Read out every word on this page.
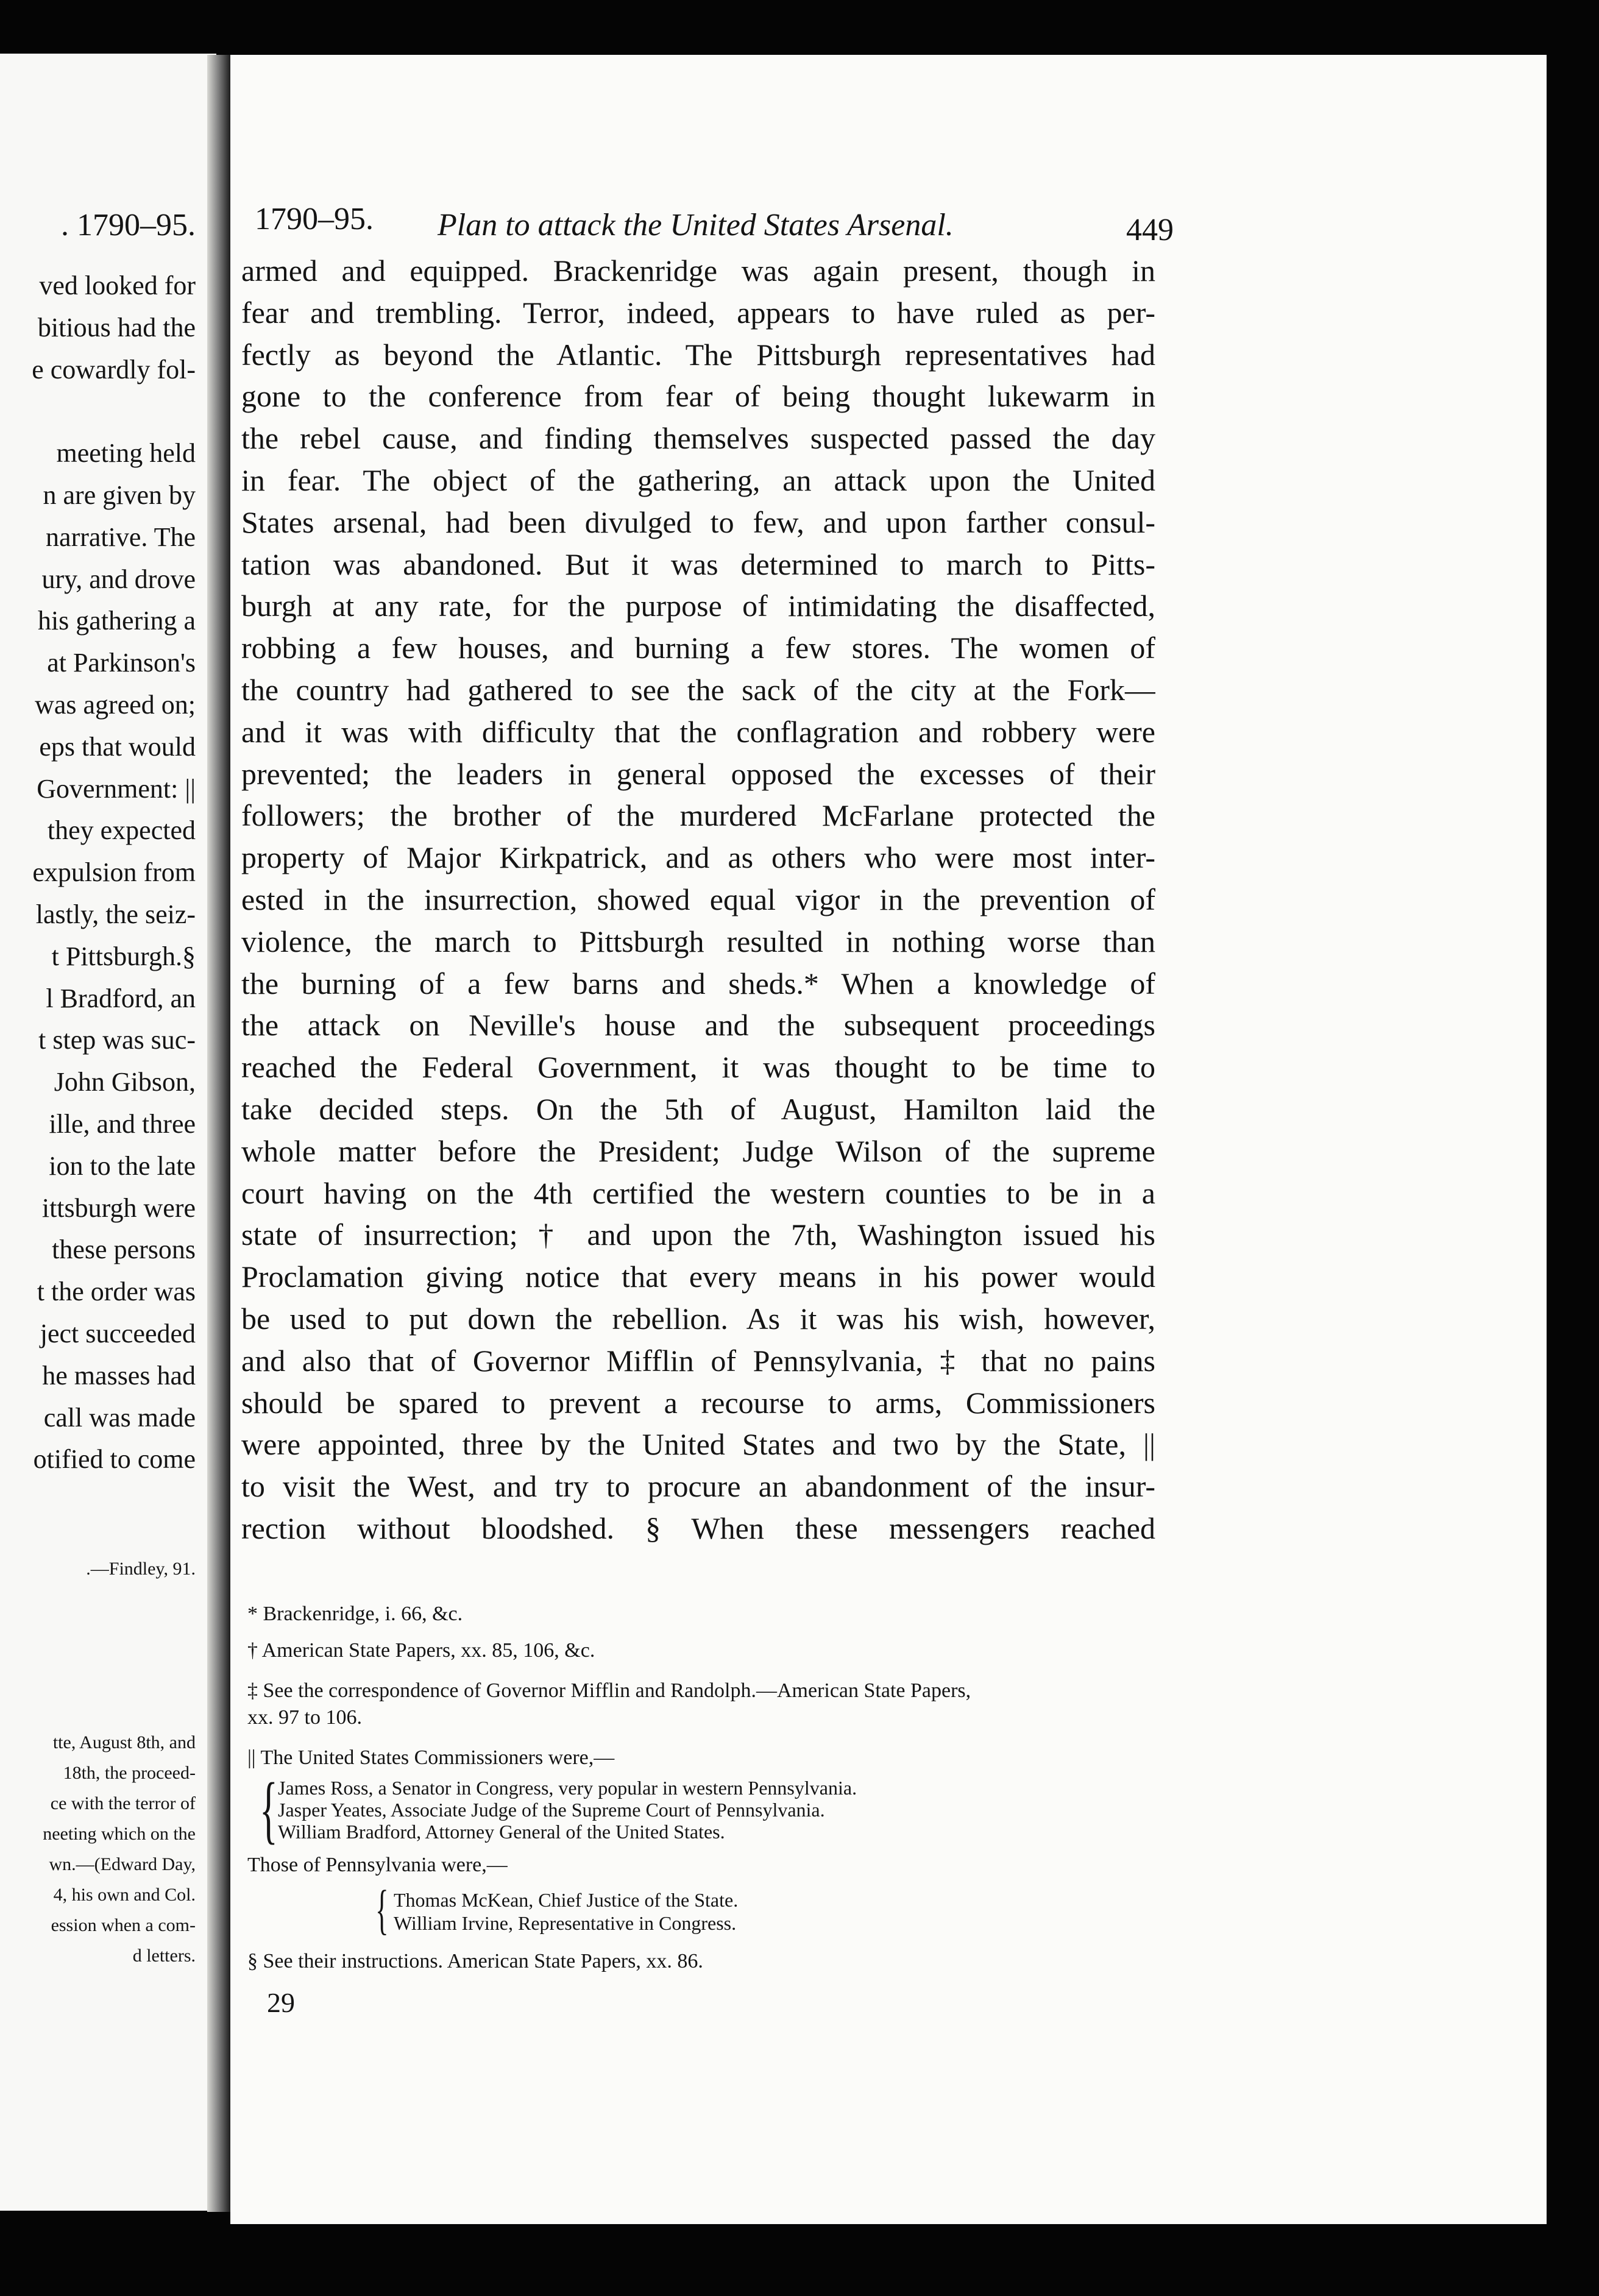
. 1790–95.
ved looked for
bitious had the
e cowardly fol-
meeting held
n are given by
narrative. The
ury, and drove
his gathering a
at Parkinson's
was agreed on;
eps that would
Government: ||
they expected
expulsion from
lastly, the seiz-
t Pittsburgh.§
l Bradford, an
t step was suc-
John Gibson,
ille, and three
ion to the late
ittsburgh were
these persons
t the order was
ject succeeded
he masses had
call was made
otified to come
.—Findley, 91.
tte, August 8th, and
18th, the proceed-
ce with the terror of
neeting which on the
wn.—(Edward Day,
4, his own and Col.
ession when a com-
d letters.
1790–95. Plan to attack the United States Arsenal.	449
armed and equipped. Brackenridge was again present, though in
fear and trembling. Terror, indeed, appears to have ruled as per-
fectly as beyond the Atlantic. The Pittsburgh representatives had
gone to the conference from fear of being thought lukewarm in
the rebel cause, and finding themselves suspected passed the day
in fear. The object of the gathering, an attack upon the United
States arsenal, had been divulged to few, and upon farther consul-
tation was abandoned. But it was determined to march to Pitts-
burgh at any rate, for the purpose of intimidating the disaffected,
robbing a few houses, and burning a few stores. The women of
the country had gathered to see the sack of the city at the Fork—
and it was with difficulty that the conflagration and robbery were
prevented; the leaders in general opposed the excesses of their
followers; the brother of the murdered McFarlane protected the
property of Major Kirkpatrick, and as others who were most inter-
ested in the insurrection, showed equal vigor in the prevention of
violence, the march to Pittsburgh resulted in nothing worse than
the burning of a few barns and sheds.* When a knowledge of
the attack on Neville's house and the subsequent proceedings
reached the Federal Government, it was thought to be time to
take decided steps. On the 5th of August, Hamilton laid the
whole matter before the President; Judge Wilson of the supreme
court having on the 4th certified the western counties to be in a
state of insurrection; † and upon the 7th, Washington issued his
Proclamation giving notice that every means in his power would
be used to put down the rebellion. As it was his wish, however,
and also that of Governor Mifflin of Pennsylvania, ‡ that no pains
should be spared to prevent a recourse to arms, Commissioners
were appointed, three by the United States and two by the State, ||
to visit the West, and try to procure an abandonment of the insur-
rection without bloodshed. § When these messengers reached
* Brackenridge, i. 66, &c.
† American State Papers, xx. 85, 106, &c.
‡ See the correspondence of Governor Mifflin and Randolph.—American State Papers,
xx. 97 to 106.
|| The United States Commissioners were,—
{ James Ross, a Senator in Congress, very popular in western Pennsylvania.
Jasper Yeates, Associate Judge of the Supreme Court of Pennsylvania.
William Bradford, Attorney General of the United States.
Those of Pennsylvania were,—
{ Thomas McKean, Chief Justice of the State.
William Irvine, Representative in Congress.
§ See their instructions. American State Papers, xx. 86.
29
